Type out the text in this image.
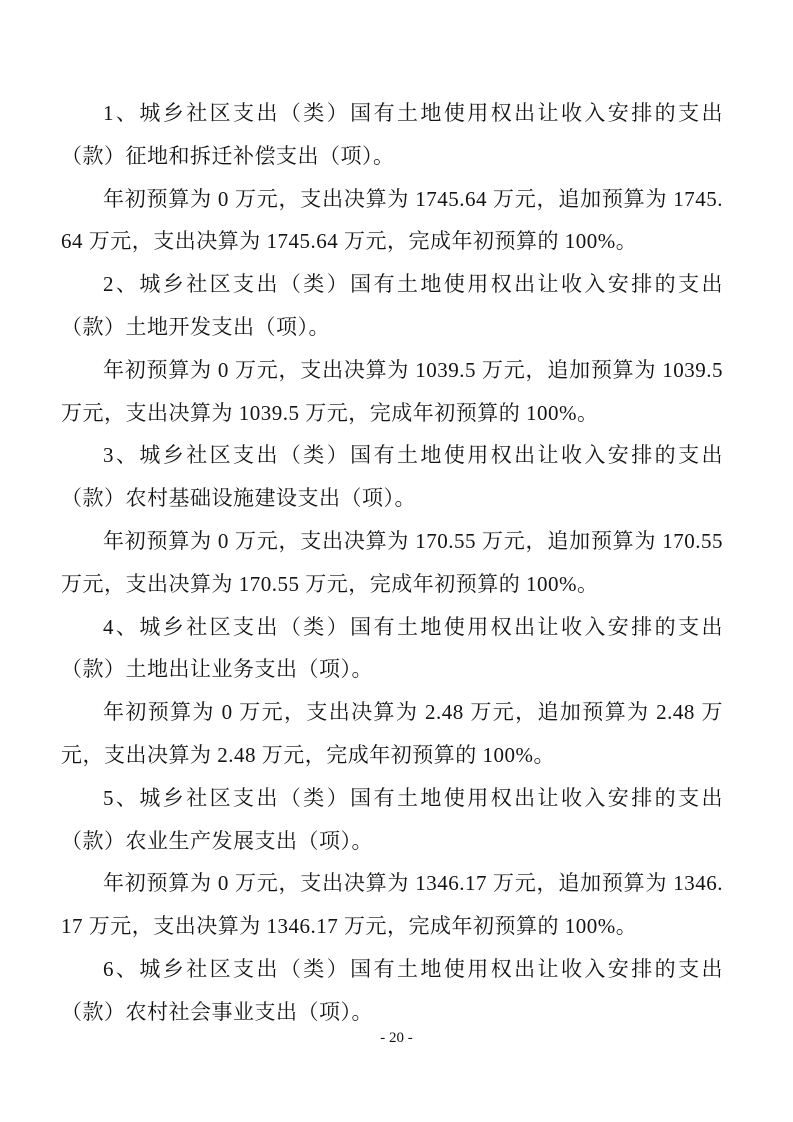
1、城乡社区支出（类）国有土地使用权出让收入安排的支出（款）征地和拆迁补偿支出（项）。

年初预算为 0 万元，支出决算为 1745.64 万元，追加预算为 1745.64 万元，支出决算为 1745.64 万元，完成年初预算的 100%。

2、城乡社区支出（类）国有土地使用权出让收入安排的支出（款）土地开发支出（项）。

年初预算为 0 万元，支出决算为 1039.5 万元，追加预算为 1039.5 万元，支出决算为 1039.5 万元，完成年初预算的 100%。

3、城乡社区支出（类）国有土地使用权出让收入安排的支出（款）农村基础设施建设支出（项）。

年初预算为 0 万元，支出决算为 170.55 万元，追加预算为 170.55 万元，支出决算为 170.55 万元，完成年初预算的 100%。

4、城乡社区支出（类）国有土地使用权出让收入安排的支出（款）土地出让业务支出（项）。

年初预算为 0 万元，支出决算为 2.48 万元，追加预算为 2.48 万元，支出决算为 2.48 万元，完成年初预算的 100%。

5、城乡社区支出（类）国有土地使用权出让收入安排的支出（款）农业生产发展支出（项）。

年初预算为 0 万元，支出决算为 1346.17 万元，追加预算为 1346.17 万元，支出决算为 1346.17 万元，完成年初预算的 100%。

6、城乡社区支出（类）国有土地使用权出让收入安排的支出（款）农村社会事业支出（项）。

- 20 -
